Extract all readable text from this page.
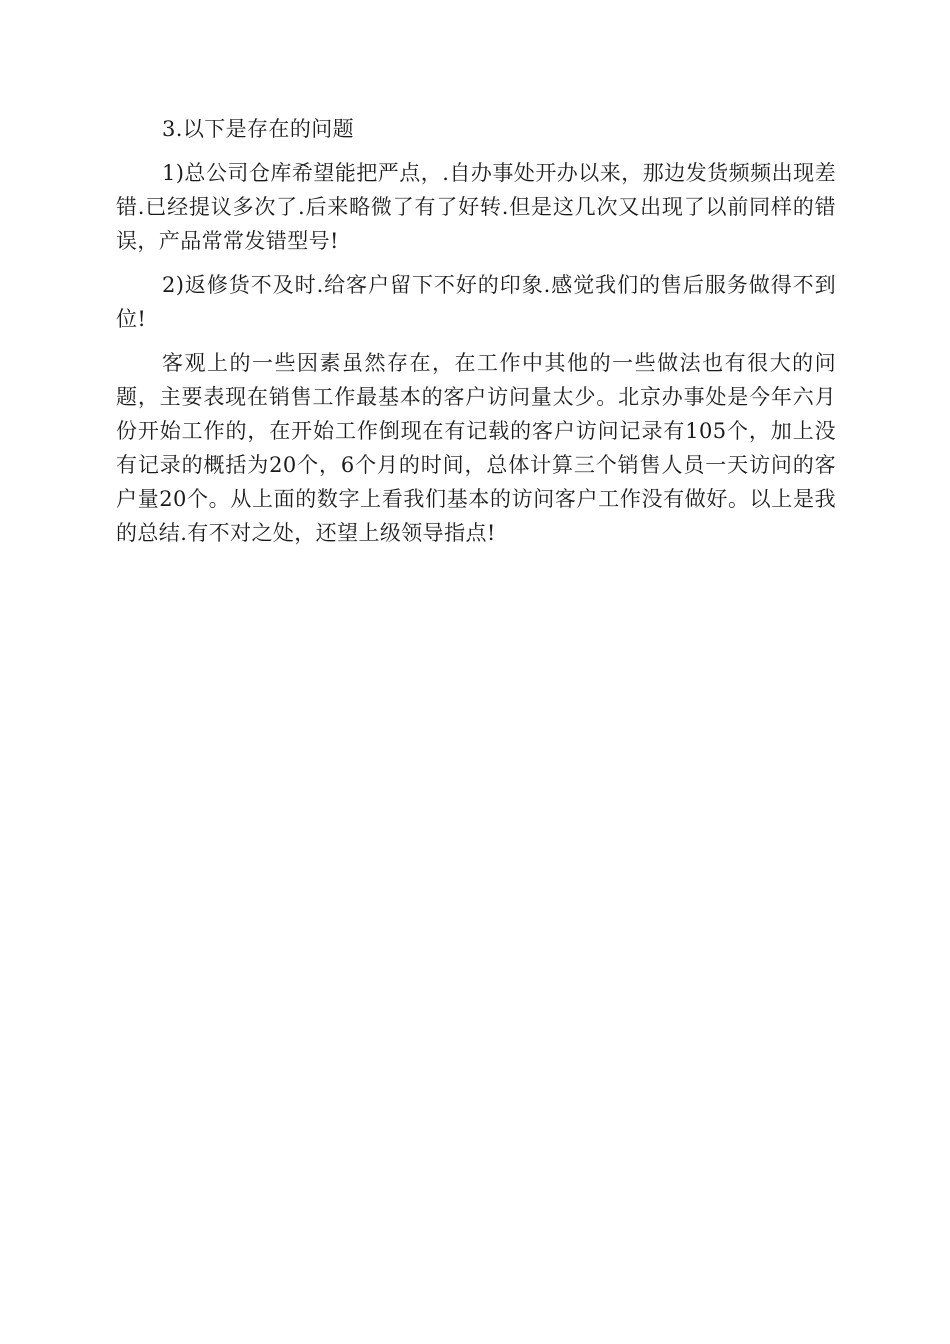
3.以下是存在的问题

1)总公司仓库希望能把严点，.自办事处开办以来，那边发货频频出现差错.已经提议多次了.后来略微了有了好转.但是这几次又出现了以前同样的错误，产品常常发错型号!

2)返修货不及时.给客户留下不好的印象.感觉我们的售后服务做得不到位!

客观上的一些因素虽然存在，在工作中其他的一些做法也有很大的问题，主要表现在销售工作最基本的客户访问量太少。北京办事处是今年六月份开始工作的，在开始工作倒现在有记载的客户访问记录有105个，加上没有记录的概括为20个，6个月的时间，总体计算三个销售人员一天访问的客户量20个。从上面的数字上看我们基本的访问客户工作没有做好。以上是我的总结.有不对之处，还望上级领导指点!
